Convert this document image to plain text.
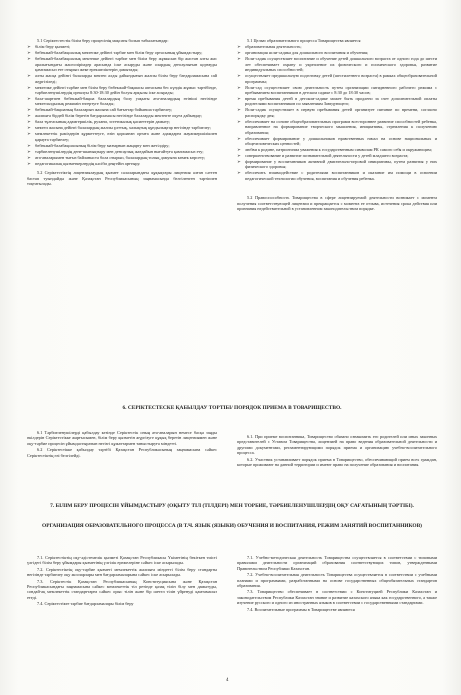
5.1 Серіктестестік білім беру процесінің мақсаты болып табылатындар:

➢ білім беру қызметі;
➢ бөбекжай-балабақшалық мектепке дейінгі тәрбие мен білім беру ортасының ұйымдастыру;
➢ бөбекжай-балабақшалық мектепке дейінгі тәрбие мен білім беру жұмысын бір жастан алты жас аралығындағы жасөспірімдер арасында іске асыруды және олардың денсаулығын қорғауды қамтамасыз ете отырып жеке ерекшеліктерін дамытады;
➢ алты жасқа дейінгі балаларды мектеп алды дайындығын жалпы білім беру бағдарламасына сай жүргізіледі;
➢ мектепке дейінгі тәрбие мен білім беру бөбекжай-бақшасы аптасына бес күндік жұмыс тәртібінде, тәрбиеленушілердің орналуы 8:30-18:30 дейін болуы арқылы іске асырады;
➢ бала-шартпен бөбекжай-бақша балалардың болу уақыты ата-аналардың өтініші негізінде мектепалдылық режимін өзгертуге болады;
➢ бөбекжай-бақшаның балаларын жасына сай бағыттар бойынша тәрбиелеу;
➢ жалпыға бірдей білім беретін бағдарламасы негізінде балаларды мектепте оқуға дайындау;
➢ бала тұлғасының адамгершілік, рухани, эстетикалық қасиеттерін дамыту;
➢ мектеп жасына дейінгі балалардың жалпы ұлттық, халықтық құндылықтар негізінде тәрбиелеу;
➢ мемлекеттік рәміздерін құрметтеуге, өзін қоршаған ортаға және адамдарға жауапкершілікпен қарауға тәрбиелеу;
➢ бөбекжай-балабақшасының білім беру мазмұнын жаңарту мен жетілдіру;
➢ тәрбиеленушілердің дене-шынықтыру мен денсаулық жағдайын нығайтуға қамтамасыз ету;
➢ ата-аналарымен тығыз байланыста бола отырып, балалардың толық дамуына көмек көрсету;
➢ педагогикалық қызметкерлердің кәсіби деңгейін арттыру.

5.2 Серіктестіктің лицензиялаудың қызмет салаларындағы құқықтары лицензия алған сәттен бастап туындайды және Қазақстан Республикасының заңнамасында белгіленген тәртіппен тоқтатылады.

5.1 Целью образовательного процесса Товарищества является

➢ образовательная деятельность;
➢ организация ясли-садика для дошкольного воспитания и обучения;
➢ Ясли-садик осуществляет воспитание и обучение детей дошкольного возраста от одного года до шести лет обеспечивает охрану и укрепление их физического и психического здоровья, развитие индивидуальных способностей;
➢ осуществляет предшкольную подготовку детей (шестилетнего возраста) в рамках общеобразовательной программы;
➢ Ясли-сад осуществляет свою деятельность путем организации пятидневного рабочего режима с пребыванием воспитанников в детском садике с 8:30 до 18:30 часов;
➢ время пребывания детей в детском-садике может быть продлено за счет дополнительной оплаты родителями воспитанников по заявлениям Заведующего;
➢ Ясли-садик осуществляет в первую пребывания детей организует питание по времени, согласно распорядку дня;
➢ обеспечивает на основе общеобразовательных программ всестороннее развитие способностей ребенка, направленное на формирование творческого мышления, инициативы, стремления к получению образования;
➢ обеспечивает формирование у дошкольников нравственных начал на основе национальных и общечеловеческих ценностей;
➢ любви к родине, патриотизма уважения к государственным символам РК самого себя и окружающим;
➢ совершенствование и развитие познавательной деятельности у детей младшего возраста;
➢ формирование у воспитанников активной двигательно-игровой инициативы, путем развития у них физического здоровья;
➢ обеспечить взаимодействие с родителями воспитанников и оказание им помощи в освоении педагогической технологии обучения, воспитания и обучения ребенка.

5.2 Правоспособность Товарищества в сфере лицензируемой деятельности возникает с момента получения соответствующей лицензии и прекращается с момента ее отзыва, истечения срока действия или признания недействительной в установленном законодательством порядке.

6. СЕРІКТЕСТЕСКЕ ҚАБЫЛДАУ ТОРТІБІ/ ПОРЯДОК ПРИЕМА В ТОВАРИЩЕСТВО.

6.1 Тәрбиеленушілерді қабылдау кезінде Серіктестік оның ата-аналарын немесе басқа заңды өкілдерін Серіктестікке жарғысымен, білім беру қызметін жүргізуге құқық беретін лицензиямен және оқу-тәрбие процесін ұйымдастыратын негізгі құжаттармен таныстыруға міндетті.

6.2 Серіктестікке қабылдау тәртібі Қазақстан Республикасының заңнамасына сәйкес Серіктестіктің өзі белгілейді.

6.1. При приеме воспитанника, Товарищество обязано ознакомить его родителей или иных законных представителей с Уставом Товарищества, лицензией на право ведения образовательной деятельности и другими документами, регламентирующими порядок приема и организацию учебно-воспитательного процесса.

6.2. Участник устанавливает порядок приема в Товарищество, обеспечивающий прием всех граждан, которые проживают на данной территории и имеют право на получение образования и воспитания.

7. БІЛІМ БЕРУ ПРОЦЕСІН ҰЙЫМДАСТЫРУ (ОҚЫТУ ТІЛ (ТІЛДЕРІ) МЕН ТОРБИЕ, ТӘРБИЕЛЕНУШІЛЕРДІҢ ОҚУ САҒАТЫНЫҢ ТӘРТІБІ).
ОРГАНИЗАЦИЯ ОБРАЗОВАТЕЛЬНОГО ПРОЦЕССА (В Т.Ч. ЯЗЫК (ЯЗЫКИ) ОБУЧЕНИЯ И ВОСПИТАНИЯ, РЕЖИМ ЗАНЯТИЙ ВОСПИТАННИКОВ)

7.1. Серіктестіктің оқу-әдістемелік қызметі Қазақстан Республикасы Үкіметінің бекіткен тиісті үлгідегі білім беру ұйымдары қызметінің үлгілік ережелеріне сәйкес іске асырылады.

7.2. Серіктестіктің оқу-тәрбие қызметі мемлекеттік жалпыға міндетті білім беру стандарты негізінде тәрбиелеу оқу жоспарлары мен бағдарламаларына сәйкес іске асырылады.

7.3. Серіктестік Қазақстан Республикасының Конституциясына және Қазақстан Республикасындағы заңнамасына сәйкес мемлекеттік тіл ретінде қазақ тілін білу мен дамытуды, сондай-ақ мемлекеттік стандарттарға сәйкес орыс тілін және бір шетел тілін үйренуді қамтамасыз етеді.

7.4. Серіктестікте тәрбие бағдарламалары білім беру

7.1. Учебно-методическая деятельность Товарищества осуществляется в соответствии с типовыми правилами деятельности организаций образования соответствующих типов, утвержденными Правительством Республики Казахстан.

7.2. Учебно-воспитательная деятельность Товарищества осуществляется в соответствии с учебными планами и программами, разработанными на основе государственных общеобязательных стандартов образования.

7.3. Товарищество обеспечивает в соответствии с Конституцией Республики Казахстан и законодательством Республики Казахстан знание и развитие казахского языка как государственного, а также изучение русского и одного из иностранных языков в соответствии с государственными стандартами.

7.4. Воспитательные программы в Товариществе являются

4
